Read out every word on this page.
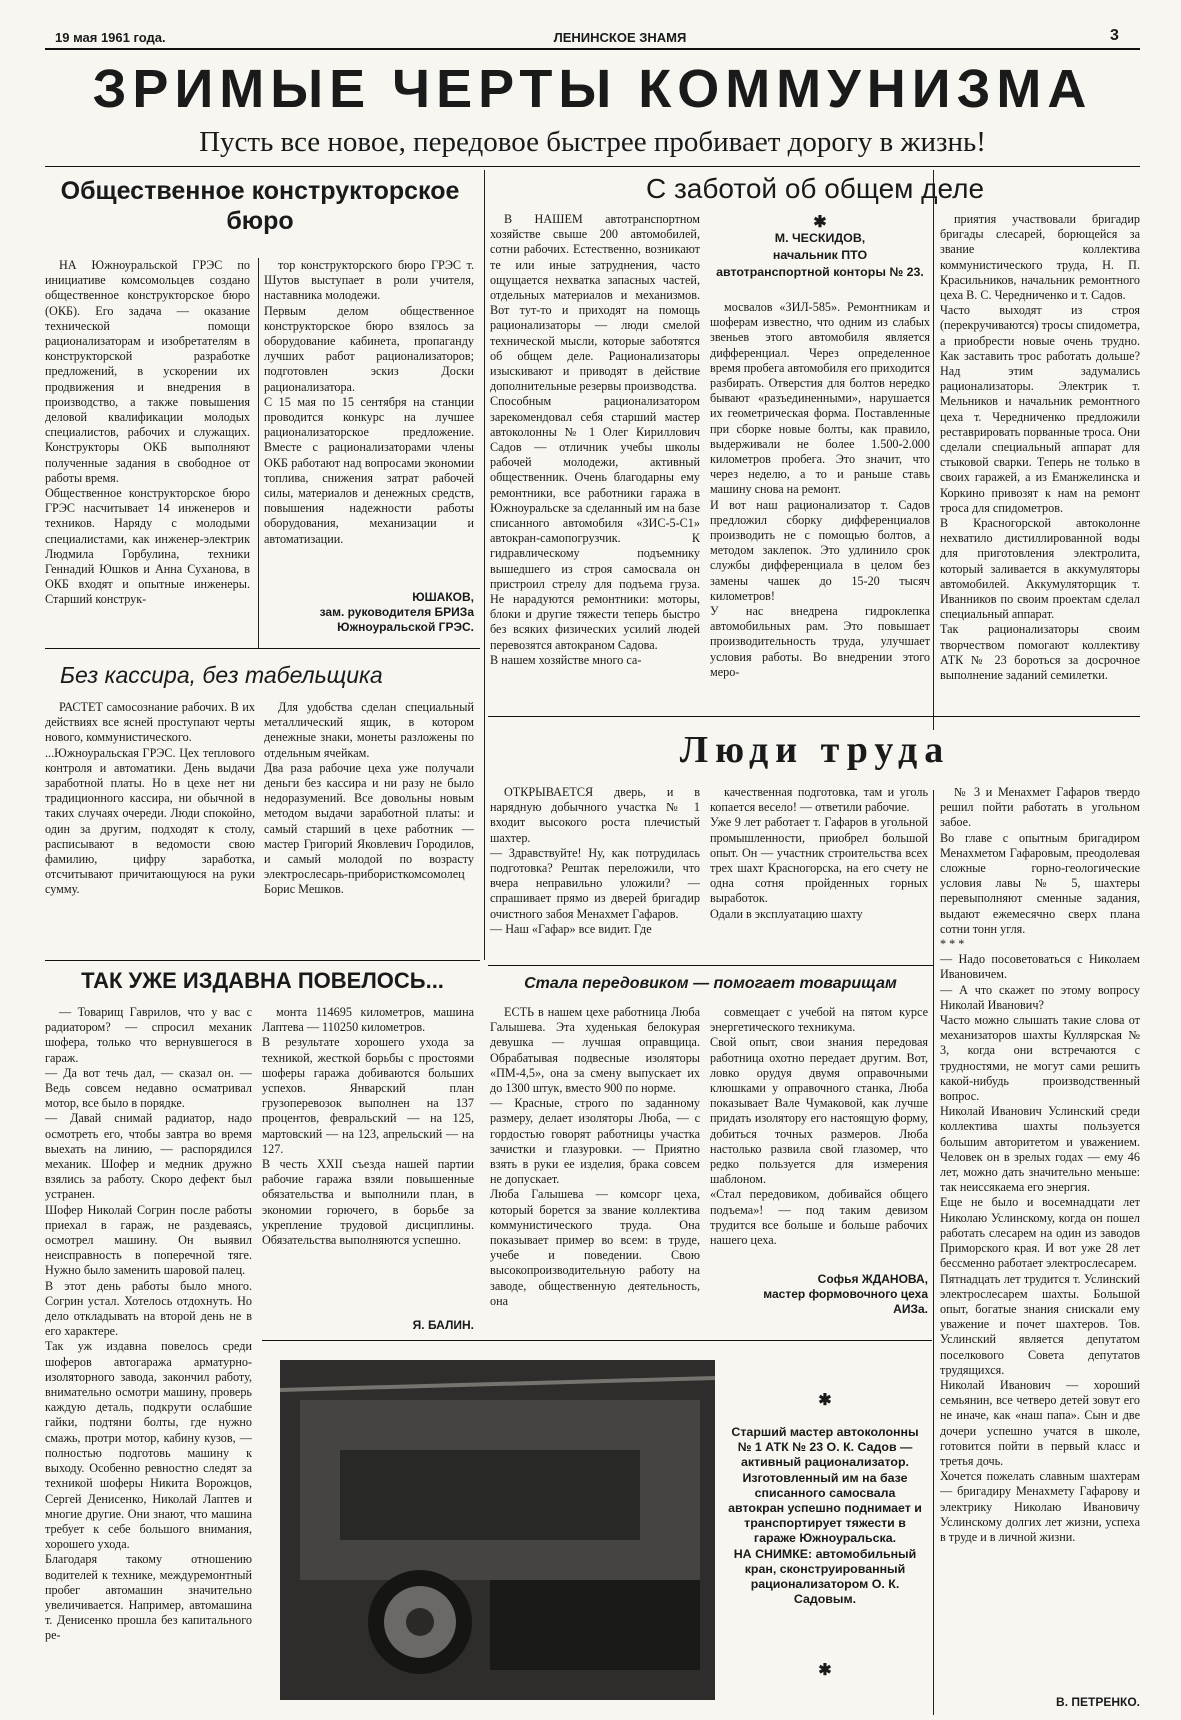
19 мая 1961 года.	ЛЕНИНСКОЕ ЗНАМЯ	3
ЗРИМЫЕ ЧЕРТЫ КОММУНИЗМА
Пусть все новое, передовое быстрее пробивает дорогу в жизнь!
Общественное конструкторское бюро

НА Южноуральской ГРЭС по инициативе комсомольцев создано общественное конструкторское бюро (ОКБ). Его задача — оказание технической помощи рационализаторам и изобретателям в конструкторской разработке предложений, в ускорении их продвижения и внедрения в производство, а также повышения деловой квалификации молодых специалистов, рабочих и служащих. Конструкторы ОКБ выполняют полученные задания в свободное от работы время.
Общественное конструкторское бюро ГРЭС насчитывает 14 инженеров и техников. Наряду с молодыми специалистами, как инженер-электрик Людмила Горбулина, техники Геннадий Юшков и Анна Суханова, в ОКБ входят и опытные инженеры. Старший конструк-

тор конструкторского бюро ГРЭС т. Шутов выступает в роли учителя, наставника молодежи.
Первым делом общественное конструкторское бюро взялось за оборудование кабинета, пропаганду лучших работ рационализаторов; подготовлен эскиз Доски рационализатора.
С 15 мая по 15 сентября на станции проводится конкурс на лучшее рационализаторское предложение. Вместе с рационализаторами члены ОКБ работают над вопросами экономии топлива, снижения затрат рабочей силы, материалов и денежных средств, повышения надежности работы оборудования, механизации и автоматизации.

ЮШАКОВ,
зам. руководителя БРИЗа
Южноуральской ГРЭС.
Без кассира, без табельщика

РАСТЕТ самосознание рабочих. В их действиях все ясней проступают черты нового, коммунистического.
...Южноуральская ГРЭС. Цех теплового контроля и автоматики. День выдачи заработной платы. Но в цехе нет ни традиционного кассира, ни обычной в таких случаях очереди. Люди спокойно, один за другим, подходят к столу, расписывают в ведомости свою фамилию, цифру заработка, отсчитывают причитающуюся на руки сумму.

Для удобства сделан специальный металлический ящик, в котором денежные знаки, монеты разложены по отдельным ячейкам.
Два раза рабочие цеха уже получали деньги без кассира и ни разу не было недоразумений. Все довольны новым методом выдачи заработной платы: и самый старший в цехе работник — мастер Григорий Яковлевич Городилов, и самый молодой по возрасту электрослесарь-прибористкомсомолец Борис Мешков.

ТАК УЖЕ ИЗДАВНА ПОВЕЛОСЬ...

— Товарищ Гаврилов, что у вас с радиатором? — спросил механик шофера, только что вернувшегося в гараж.
— Да вот течь дал, — сказал он. — Ведь совсем недавно осматривал мотор, все было в порядке.
— Давай снимай радиатор, надо осмотреть его, чтобы завтра во время выехать на линию, — распорядился механик. Шофер и медник дружно взялись за работу. Скоро дефект был устранен.
Шофер Николай Согрин после работы приехал в гараж, не раздеваясь, осмотрел машину. Он выявил неисправность в поперечной тяге. Нужно было заменить шаровой палец.
В этот день работы было много. Согрин устал. Хотелось отдохнуть. Но дело откладывать на второй день не в его характере.
Так уж издавна повелось среди шоферов автогаража арматурно-изоляторного завода, закончил работу, внимательно осмотри машину, проверь каждую деталь, подкрути ослабшие гайки, подтяни болты, где нужно смажь, протри мотор, кабину кузов, — полностью подготовь машину к выходу. Особенно ревностно следят за техникой шоферы Никита Ворожцов, Сергей Денисенко, Николай Лаптев и многие другие. Они знают, что машина требует к себе большого внимания, хорошего ухода.
Благодаря такому отношению водителей к технике, междуремонтный пробег автомашин значительно увеличивается. Например, автомашина т. Денисенко прошла без капитального ре-

монта 114695 километров, машина Лаптева — 110250 километров.
В результате хорошего ухода за техникой, жесткой борьбы с простоями шоферы гаража добиваются больших успехов. Январский план грузоперевозок выполнен на 137 процентов, февральский — на 125, мартовский — на 123, апрельский — на 127.
В честь XXII съезда нашей партии рабочие гаража взяли повышенные обязательства и выполнили план, в экономии горючего, в борьбе за укрепление трудовой дисциплины. Обязательства выполняются успешно.

Я. БАЛИН.
С заботой об общем деле

В НАШЕМ автотранспортном хозяйстве свыше 200 автомобилей, сотни рабочих. Естественно, возникают те или иные затруднения, часто ощущается нехватка запасных частей, отдельных материалов и механизмов. Вот тут-то и приходят на помощь рационализаторы — люди смелой технической мысли, которые заботятся об общем деле. Рационализаторы изыскивают и приводят в действие дополнительные резервы производства.
Способным рационализатором зарекомендовал себя старший мастер автоколонны № 1 Олег Кириллович Садов — отличник учебы школы рабочей молодежи, активный общественник. Очень благодарны ему ремонтники, все работники гаража в Южноуральске за сделанный им на базе списанного автомобиля «ЗИС-5-С1» автокран-самопогрузчик. К гидравлическому подъемнику вышедшего из строя самосвала он пристроил стрелу для подъема груза. Не нарадуются ремонтники: моторы, блоки и другие тяжести теперь быстро без всяких физических усилий людей перевозятся автокраном Садова.
В нашем хозяйстве много са-

✱
М. ЧЕСКИДОВ,
начальник ПТО
автотранспортной конторы № 23.

мосвалов «ЗИЛ-585». Ремонтникам и шоферам известно, что одним из слабых звеньев этого автомобиля является дифференциал. Через определенное время пробега автомобиля его приходится разбирать. Отверстия для болтов нередко бывают «разъединенными», нарушается их геометрическая форма. Поставленные при сборке новые болты, как правило, выдерживали не более 1.500-2.000 километров пробега. Это значит, что через неделю, а то и раньше ставь машину снова на ремонт.
И вот наш рационализатор т. Садов предложил сборку дифференциалов производить не с помощью болтов, а методом заклепок. Это удлинило срок службы дифференциала в целом без замены чашек до 15-20 тысяч километров!
У нас внедрена гидроклепка автомобильных рам. Это повышает производительность труда, улучшает условия работы. Во внедрении этого меро-

приятия участвовали бригадир бригады слесарей, борющейся за звание коллектива коммунистического труда, Н. П. Красильников, начальник ремонтного цеха В. С. Чередниченко и т. Садов.
Часто выходят из строя (перекручиваются) тросы спидометра, а приобрести новые очень трудно. Как заставить трос работать дольше? Над этим задумались рационализаторы. Электрик т. Мельников и начальник ремонтного цеха т. Чередниченко предложили реставрировать порванные троса. Они сделали специальный аппарат для стыковой сварки. Теперь не только в своих гаражей, а из Еманжелинска и Коркино привозят к нам на ремонт троса для спидометров.
В Красногорской автоколонне нехватило дистиллированной воды для приготовления электролита, который заливается в аккумуляторы автомобилей. Аккумуляторщик т. Иванников по своим проектам сделал специальный аппарат.
Так рационализаторы своим творчеством помогают коллективу АТК № 23 бороться за досрочное выполнение заданий семилетки.

Люди труда

ОТКРЫВАЕТСЯ дверь, и в нарядную добычного участка № 1 входит высокого роста плечистый шахтер.
— Здравствуйте! Ну, как потрудилась подготовка? Рештак переложили, что вчера неправильно уложили? — спрашивает прямо из дверей бригадир очистного забоя Менахмет Гафаров.
— Наш «Гафар» все видит. Где

качественная подготовка, там и уголь копается весело! — ответили рабочие.
Уже 9 лет работает т. Гафаров в угольной промышленности, приобрел большой опыт. Он — участник строительства всех трех шахт Красногорска, на его счету не одна сотня пройденных горных выработок.
Одали в эксплуатацию шахту

№ 3 и Менахмет Гафаров твердо решил пойти работать в угольном забое.
Во главе с опытным бригадиром Менахметом Гафаровым, преодолевая сложные горно-геологические условия лавы № 5, шахтеры перевыполняют сменные задания, выдают ежемесячно сверх плана сотни тонн угля.
* * *
— Надо посоветоваться с Николаем Ивановичем.
— А что скажет по этому вопросу Николай Иванович?
Часто можно слышать такие слова от механизаторов шахты Куллярская № 3, когда они встречаются с трудностями, не могут сами решить какой-нибудь производственный вопрос.
Николай Иванович Услинский среди коллектива шахты пользуется большим авторитетом и уважением. Человек он в зрелых годах — ему 46 лет, можно дать значительно меньше: так неиссякаема его энергия.
Еще не было и восемнадцати лет Николаю Услинскому, когда он пошел работать слесарем на один из заводов Приморского края. И вот уже 28 лет бессменно работает электрослесарем.
Пятнадцать лет трудится т. Услинский электрослесарем шахты. Большой опыт, богатые знания снискали ему уважение и почет шахтеров. Тов. Услинский является депутатом поселкового Совета депутатов трудящихся.
Николай Иванович — хороший семьянин, все четверо детей зовут его не иначе, как «наш папа». Сын и две дочери успешно учатся в школе, готовится пойти в первый класс и третья дочь.
Хочется пожелать славным шахтерам — бригадиру Менахмету Гафарову и электрику Николаю Ивановичу Услинскому долгих лет жизни, успеха в труде и в личной жизни.

В. ПЕТРЕНКО.
Стала передовиком — помогает товарищам

ЕСТЬ в нашем цехе работница Люба Галышева. Эта худенькая белокурая девушка — лучшая оправщица. Обрабатывая подвесные изоляторы «ПМ-4,5», она за смену выпускает их до 1300 штук, вместо 900 по норме.
— Красные, строго по заданному размеру, делает изоляторы Люба, — с гордостью говорят работницы участка зачистки и глазуровки. — Приятно взять в руки ее изделия, брака совсем не допускает.
Люба Галышева — комсорг цеха, который борется за звание коллектива коммунистического труда. Она показывает пример во всем: в труде, учебе и поведении. Свою высокопроизводительную работу на заводе, общественную деятельность, она

совмещает с учебой на пятом курсе энергетического техникума.
Свой опыт, свои знания передовая работница охотно передает другим. Вот, ловко орудуя двумя оправочными клюшками у оправочного станка, Люба показывает Вале Чумаковой, как лучше придать изолятору его настоящую форму, добиться точных размеров. Люба настолько развила свой глазомер, что редко пользуется для измерения шаблоном.
«Стал передовиком, добивайся общего подъема»! — под таким девизом трудится все больше и больше рабочих нашего цеха.

Софья ЖДАНОВА,
мастер формовочного цеха
АИЗа.
✱
Старший мастер автоколонны № 1 АТК № 23 О. К. Садов — активный рационализатор. Изготовленный им на базе списанного самосвала автокран успешно поднимает и транспортирует тяжести в гараже Южноуральска.
НА СНИМКЕ: автомобильный кран, сконструированный рационализатором О. К. Садовым.
✱
